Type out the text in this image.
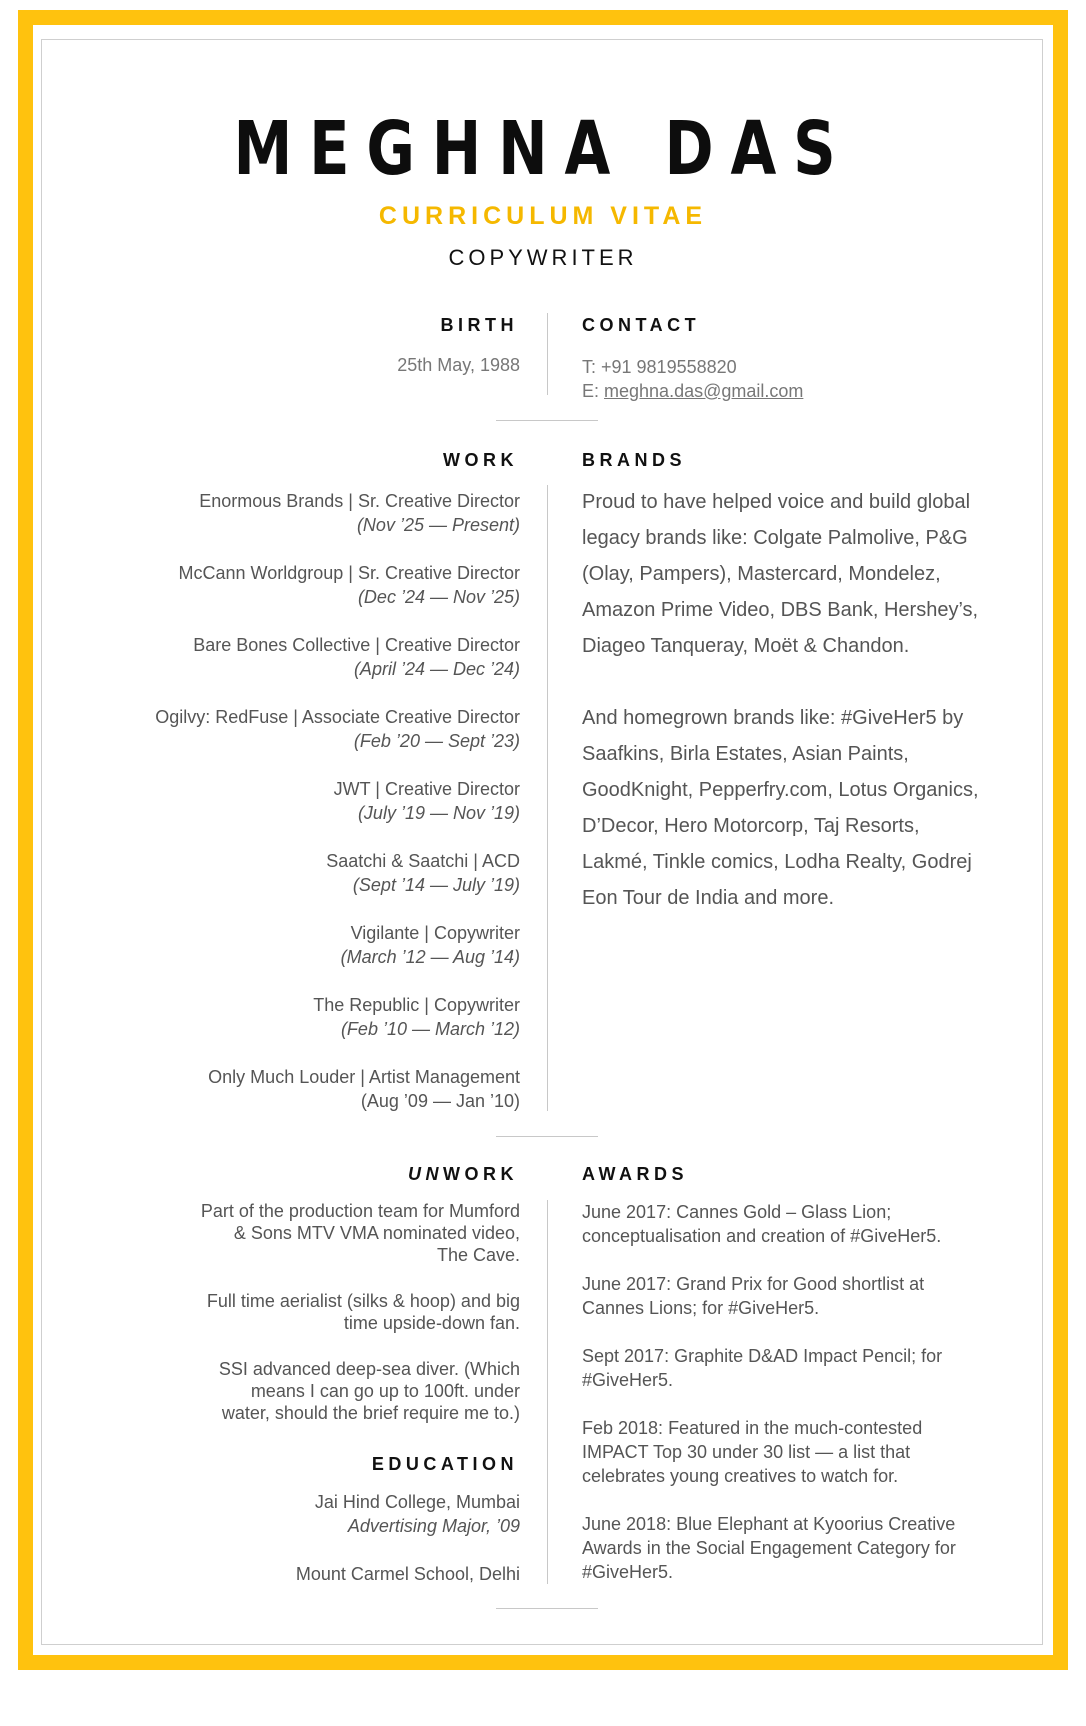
MEGHNA DAS
CURRICULUM VITAE
COPYWRITER
BIRTH
25th May, 1988
CONTACT
T: +91 9819558820
E: meghna.das@gmail.com
WORK	BRANDS
Enormous Brands | Sr. Creative Director
(Nov ’25 — Present)
McCann Worldgroup | Sr. Creative Director
(Dec ’24 — Nov ’25)
Bare Bones Collective | Creative Director
(April ’24 — Dec ’24)
Ogilvy: RedFuse | Associate Creative Director
(Feb ’20 — Sept ’23)
JWT | Creative Director
(July ’19 — Nov ’19)
Saatchi & Saatchi | ACD
(Sept ’14 — July ’19)
Vigilante | Copywriter
(March ’12 — Aug ’14)
The Republic | Copywriter
(Feb ’10 — March ’12)
Only Much Louder | Artist Management
(Aug ’09 — Jan ’10)
Proud to have helped voice and build global legacy brands like: Colgate Palmolive, P&G (Olay, Pampers), Mastercard, Mondelez, Amazon Prime Video, DBS Bank, Hershey’s, Diageo Tanqueray, Moët & Chandon.
And homegrown brands like: #GiveHer5 by Saafkins, Birla Estates, Asian Paints, GoodKnight, Pepperfry.com, Lotus Organics, D’Decor, Hero Motorcorp, Taj Resorts, Lakmé, Tinkle comics, Lodha Realty, Godrej Eon Tour de India and more.
UNWORK	AWARDS
Part of the production team for Mumford & Sons MTV VMA nominated video, The Cave.
Full time aerialist (silks & hoop) and big time upside-down fan.
SSI advanced deep-sea diver. (Which means I can go up to 100ft. under water, should the brief require me to.)
EDUCATION
Jai Hind College, Mumbai
Advertising Major, ’09
Mount Carmel School, Delhi
June 2017: Cannes Gold – Glass Lion; conceptualisation and creation of #GiveHer5.
June 2017: Grand Prix for Good shortlist at Cannes Lions; for #GiveHer5.
Sept 2017: Graphite D&AD Impact Pencil; for #GiveHer5.
Feb 2018: Featured in the much-contested IMPACT Top 30 under 30 list — a list that celebrates young creatives to watch for.
June 2018: Blue Elephant at Kyoorius Creative Awards in the Social Engagement Category for #GiveHer5.
